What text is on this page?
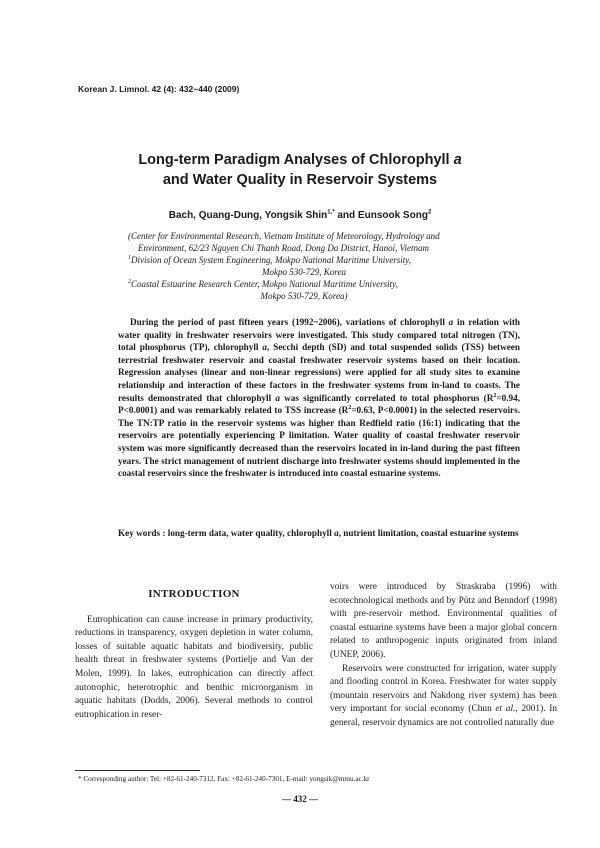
Korean J. Limnol. 42 (4): 432~440 (2009)
Long-term Paradigm Analyses of Chlorophyll a
and Water Quality in Reservoir Systems
Bach, Quang-Dung, Yongsik Shin$^{1,*}$ and Eunsook Song$^2$
(Center for Environmental Research, Vietnam Institute of Meteorology, Hydrology and
Environment, 62/23 Nguyen Chi Thanh Road, Dong Da District, Hanoi, Vietnam
$^1$Division of Ocean System Engineering, Mokpo National Maritime University,
Mokpo 530-729, Korea
$^2$Coastal Estuarine Research Center, Mokpo National Maritime University,
Mokpo 530-729, Korea)

During the period of past fifteen years (1992~2006), variations of chlorophyll a in relation with water quality in freshwater reservoirs were investigated. This study compared total nitrogen (TN), total phosphorus (TP), chlorophyll a, Secchi depth (SD) and total suspended solids (TSS) between terrestrial freshwater reservoir and coastal freshwater reservoir systems based on their location. Regression analyses (linear and non-linear regressions) were applied for all study sites to examine relationship and interaction of these factors in the freshwater systems from in-land to coasts. The results demonstrated that chlorophyll a was significantly correlated to total phosphorus ($R^2=0.94$, P<0.0001) and was remarkably related to TSS increase ($R^2=0.63$, P<0.0001) in the selected reservoirs. The TN:TP ratio in the reservoir systems was higher than Redfield ratio (16:1) indicating that the reservoirs are potentially experiencing P limitation. Water quality of coastal freshwater reservoir system was more significantly decreased than the reservoirs located in in-land during the past fifteen years. The strict management of nutrient discharge into freshwater systems should implemented in the coastal reservoirs since the freshwater is introduced into coastal estuarine systems.

Key words : long-term data, water quality, chlorophyll a, nutrient limitation, coastal estuarine systems
INTRODUCTION

Eutrophication can cause increase in primary productivity, reductions in transparency, oxygen depletion in water column, losses of suitable aquatic habitats and biodiversity, public health threat in freshwater systems (Portielje and Van der Molen, 1999). In lakes, eutrophication can directly affect autotrophic, heterotrophic and benthic microorganism in aquatic habitats (Dodds, 2006). Several methods to control eutrophication in reser-

voirs were introduced by Straskraba (1996) with ecotechnological methods and by Pütz and Benndorf (1998) with pre-reservoir method. Environmental qualities of coastal estuarine systems have been a major global concern related to anthropogenic inputs originated from inland (UNEP, 2006).

Reservoirs were constructed for irrigation, water supply and flooding control in Korea. Freshwater for water supply (mountain reservoirs and Nakdong river system) has been very important for social economy (Chun et al., 2001). In general, reservoir dynamics are not controlled naturally due

* Corresponding author: Tel: +82-61-240-7312, Fax: +82-61-240-7301, E-mail: yongsik@mmu.ac.kr
— 432 —
